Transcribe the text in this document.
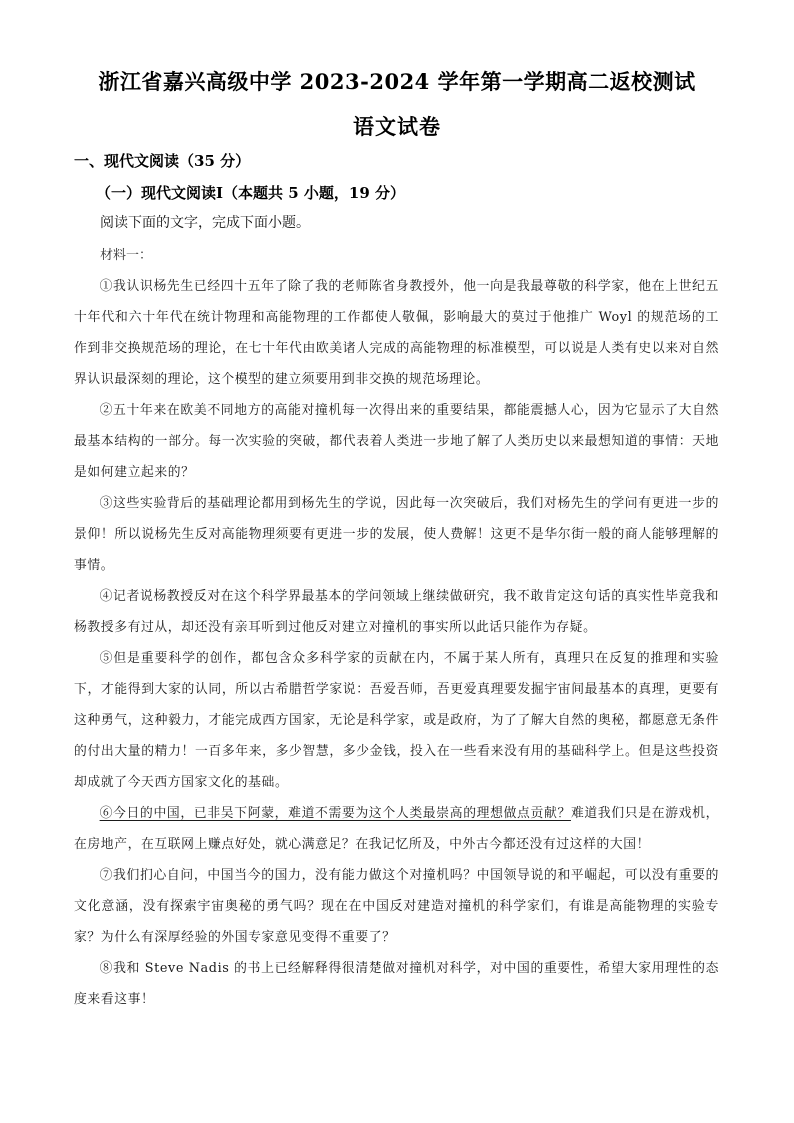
浙江省嘉兴高级中学 2023-2024 学年第一学期高二返校测试
语文试卷
一、现代文阅读（35 分）
（一）现代文阅读Ⅰ（本题共 5 小题，19 分）
阅读下面的文字，完成下面小题。
材料一：

①我认识杨先生已经四十五年了除了我的老师陈省身教授外，他一向是我最尊敬的科学家，他在上世纪五十年代和六十年代在统计物理和高能物理的工作都使人敬佩，影响最大的莫过于他推广 Woyl 的规范场的工作到非交换规范场的理论，在七十年代由欧美诸人完成的高能物理的标准模型，可以说是人类有史以来对自然界认识最深刻的理论，这个模型的建立须要用到非交换的规范场理论。

②五十年来在欧美不同地方的高能对撞机每一次得出来的重要结果，都能震撼人心，因为它显示了大自然最基本结构的一部分。每一次实验的突破，都代表着人类进一步地了解了人类历史以来最想知道的事情：天地是如何建立起来的？

③这些实验背后的基础理论都用到杨先生的学说，因此每一次突破后，我们对杨先生的学问有更进一步的景仰！所以说杨先生反对高能物理须要有更进一步的发展，使人费解！这更不是华尔街一般的商人能够理解的事情。

④记者说杨教授反对在这个科学界最基本的学问领域上继续做研究，我不敢肯定这句话的真实性毕竟我和杨教授多有过从，却还没有亲耳听到过他反对建立对撞机的事实所以此话只能作为存疑。

⑤但是重要科学的创作，都包含众多科学家的贡献在内，不属于某人所有，真理只在反复的推理和实验下，才能得到大家的认同，所以古希腊哲学家说：吾爱吾师，吾更爱真理要发掘宇宙间最基本的真理，更要有这种勇气，这种毅力，才能完成西方国家，无论是科学家，或是政府，为了了解大自然的奥秘，都愿意无条件的付出大量的精力！一百多年来，多少智慧，多少金钱，投入在一些看来没有用的基础科学上。但是这些投资却成就了今天西方国家文化的基础。

⑥今日的中国，已非吴下阿蒙，难道不需要为这个人类最崇高的理想做点贡献？难道我们只是在游戏机，在房地产，在互联网上赚点好处，就心满意足？在我记忆所及，中外古今都还没有过这样的大国！

⑦我们扪心自问，中国当今的国力，没有能力做这个对撞机吗？中国领导说的和平崛起，可以没有重要的文化意涵，没有探索宇宙奥秘的勇气吗？现在在中国反对建造对撞机的科学家们，有谁是高能物理的实验专家？为什么有深厚经验的外国专家意见变得不重要了？

⑧我和 Steve Nadis 的书上已经解释得很清楚做对撞机对科学，对中国的重要性，希望大家用理性的态度来看这事！
